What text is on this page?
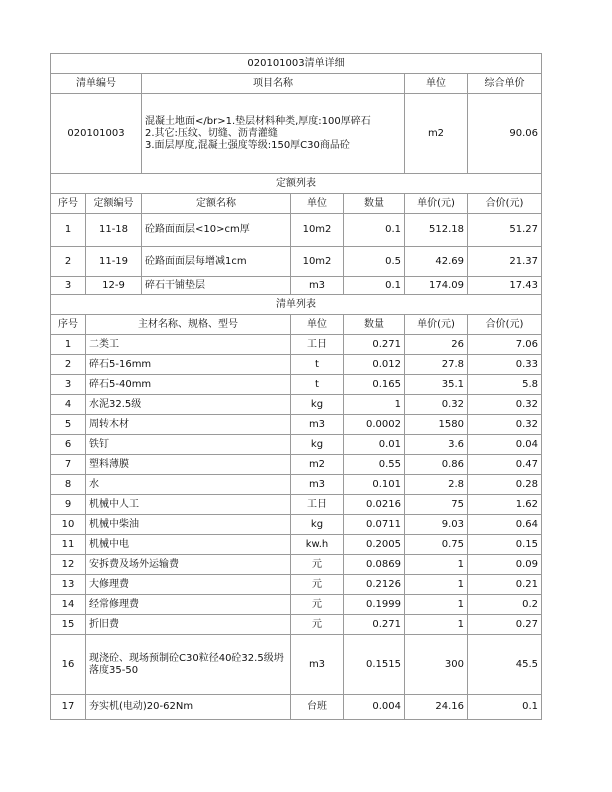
020101003清单详细						
清单编号		项目名称			单位	综合单价
020101003		混凝土地面</br>1.垫层材料种类,厚度:100厚碎石
2.其它:压纹、切缝、沥青灌缝
3.面层厚度,混凝土强度等级:150厚C30商品砼			m2	90.06
定额列表						
序号	定额编号	定额名称	单位	数量	单价(元)	合价(元)
1	11-18	砼路面面层<10>cm厚	10m2	0.1	512.18	51.27
2	11-19	砼路面面层每增减1cm	10m2	0.5	42.69	21.37
3	12-9	碎石干铺垫层	m3	0.1	174.09	17.43
清单列表						
序号	主材名称、规格、型号		单位	数量	单价(元)	合价(元)
1	二类工		工日	0.271	26	7.06
2	碎石5-16mm		t	0.012	27.8	0.33
3	碎石5-40mm		t	0.165	35.1	5.8
4	水泥32.5级		kg	1	0.32	0.32
5	周转木材		m3	0.0002	1580	0.32
6	铁钉		kg	0.01	3.6	0.04
7	塑料薄膜		m2	0.55	0.86	0.47
8	水		m3	0.101	2.8	0.28
9	机械中人工		工日	0.0216	75	1.62
10	机械中柴油		kg	0.0711	9.03	0.64
11	机械中电		kw.h	0.2005	0.75	0.15
12	安拆费及场外运输费		元	0.0869	1	0.09
13	大修理费		元	0.2126	1	0.21
14	经常修理费		元	0.1999	1	0.2
15	折旧费		元	0.271	1	0.27
16	现浇砼、现场预制砼C30粒径40砼32.5级坍落度35-50		m3	0.1515	300	45.5
17	夯实机(电动)20-62Nm		台班	0.004	24.16	0.1
